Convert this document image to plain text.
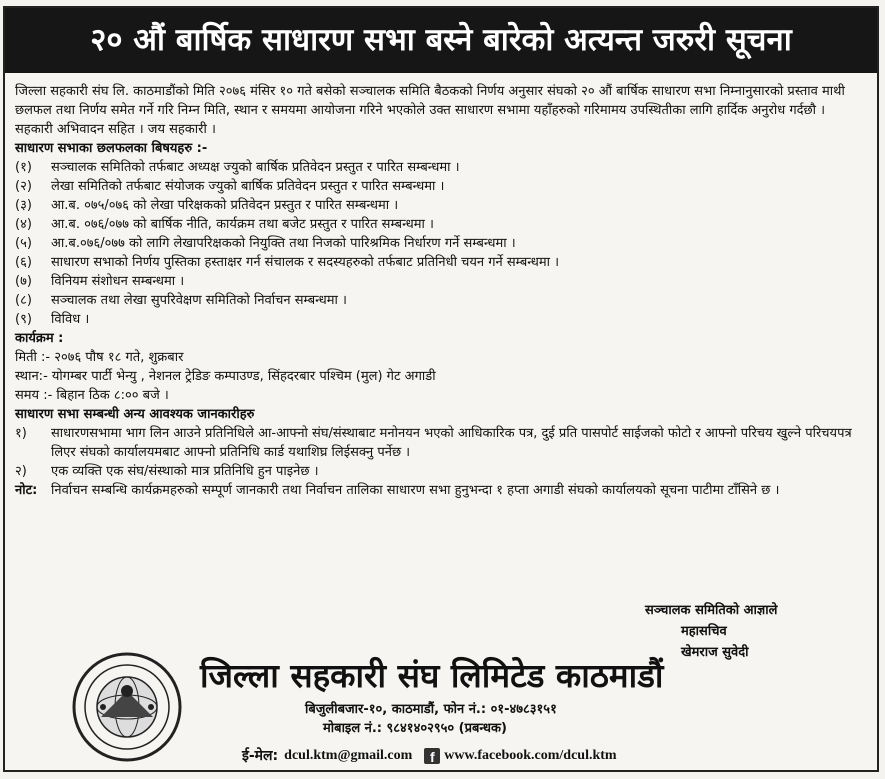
२० औं बार्षिक साधारण सभा बस्ने बारेको अत्यन्त जरुरी सूचना

जिल्ला सहकारी संघ लि. काठमाडौंको मिति २०७६ मंसिर १० गते बसेको सञ्चालक समिति बैठकको निर्णय अनुसार संघको २० औं बार्षिक साधारण सभा निम्नानुसारको प्रस्ताव माथी छलफल तथा निर्णय समेत गर्ने गरि निम्न मिति, स्थान र समयमा आयोजना गरिने भएकोले उक्त साधारण सभामा यहाँहरुको गरिमामय उपस्थितीका लागि हार्दिक अनुरोध गर्दछौ ।

सहकारी अभिवादन सहित । जय सहकारी ।

साधारण सभाका छलफलका बिषयहरु :-

(१)	सञ्चालक समितिको तर्फबाट अध्यक्ष ज्युको बार्षिक प्रतिवेदन प्रस्तुत र पारित सम्बन्धमा ।
(२)	लेखा समितिको तर्फबाट संयोजक ज्युको बार्षिक प्रतिवेदन प्रस्तुत र पारित सम्बन्धमा ।
(३)	आ.ब. ०७५/०७६ को लेखा परिक्षकको प्रतिवेदन प्रस्तुत र पारित सम्बन्धमा ।
(४)	आ.ब. ०७६/०७७ को बार्षिक नीति, कार्यक्रम तथा बजेट प्रस्तुत र पारित सम्बन्धमा ।
(५)	आ.ब.०७६/०७७ को लागि लेखापरिक्षकको नियुक्ति तथा निजको पारिश्रमिक निर्धारण गर्ने सम्बन्धमा ।
(६)	साधारण सभाको निर्णय पुस्तिका हस्ताक्षर गर्न संचालक र सदस्यहरुको तर्फबाट प्रतिनिधी चयन गर्ने सम्बन्धमा ।
(७)	विनियम संशोधन सम्बन्धमा ।
(८)	सञ्चालक तथा लेखा सुपरिवेक्षण समितिको निर्वाचन सम्बन्धमा ।
(९)	विविध ।

कार्यक्रम :

मिती :- २०७६ पौष १८ गते, शुक्रबार

स्थान:- योगम्बर पार्टी भेन्यु , नेशनल ट्रेडिङ कम्पाउण्ड, सिंहदरबार पश्चिम (मुल) गेट अगाडी

समय :- बिहान ठिक ८:०० बजे ।

साधारण सभा सम्बन्धी अन्य आवश्यक जानकारीहरु

१)	साधारणसभामा भाग लिन आउने प्रतिनिधिले आ-आफ्नो संघ/संस्थाबाट मनोनयन भएको आधिकारिक पत्र, दुई प्रति पासपोर्ट साईजको फोटो र आफ्नो परिचय खुल्ने परिचयपत्र लिएर संघको कार्यालयमबाट आफ्नो प्रतिनिधि कार्ड यथाशिघ्र लिईसक्नु पर्नेछ ।
२)	एक व्यक्ति एक संघ/संस्थाको मात्र प्रतिनिधि हुन पाइनेछ ।
नोट:	निर्वाचन सम्बन्धि कार्यक्रमहरुको सम्पूर्ण जानकारी तथा निर्वाचन तालिका साधारण सभा हुनुभन्दा १ हप्ता अगाडी संघको कार्यालयको सूचना पाटीमा टाँसिने छ ।
सञ्चालक समितिको आज्ञाले
महासचिव
खेमराज सुवेदी
जिल्ला सहकारी संघ लिमिटेड काठमाडौं
बिजुलीबजार-१०, काठमाडौं, फोन नं.: ०१-४७८३१५१
मोबाइल नं.: ९८४१४०२९५० (प्रबन्धक)
ई-मेल: dcul.ktm@gmail.com	f www.facebook.com/dcul.ktm
